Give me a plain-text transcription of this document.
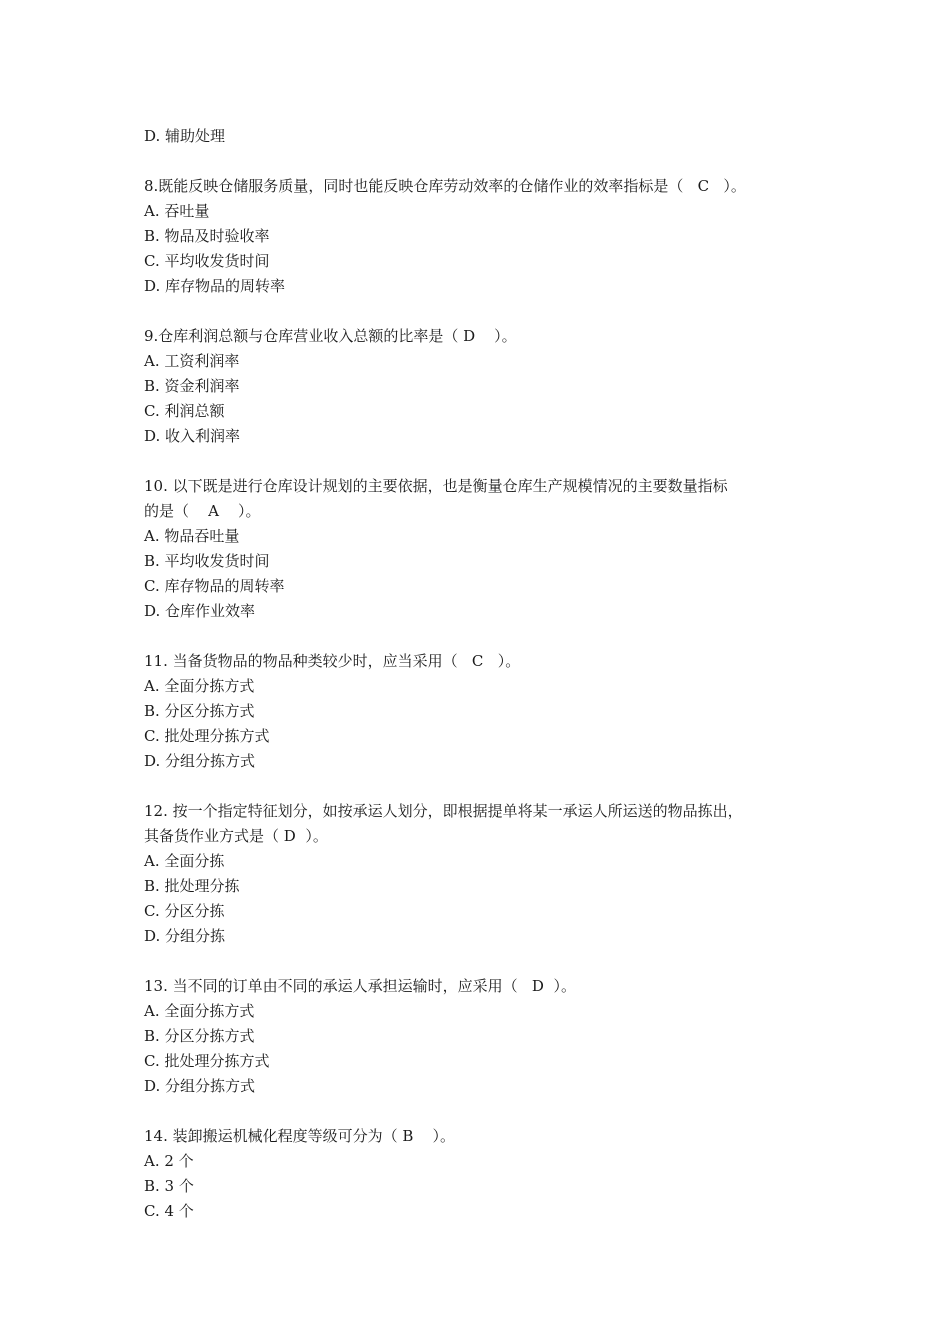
D. 辅助处理
8.既能反映仓储服务质量，同时也能反映仓库劳动效率的仓储作业的效率指标是（   C   ）。
A. 吞吐量
B. 物品及时验收率
C. 平均收发货时间
D. 库存物品的周转率
9.仓库利润总额与仓库营业收入总额的比率是（ D    ）。
A. 工资利润率
B. 资金利润率
C. 利润总额
D. 收入利润率
10. 以下既是进行仓库设计规划的主要依据，也是衡量仓库生产规模情况的主要数量指标
的是（    A    ）。
A. 物品吞吐量
B. 平均收发货时间
C. 库存物品的周转率
D. 仓库作业效率
11. 当备货物品的物品种类较少时，应当采用（   C   ）。
A. 全面分拣方式
B. 分区分拣方式
C. 批处理分拣方式
D. 分组分拣方式
12. 按一个指定特征划分，如按承运人划分，即根据提单将某一承运人所运送的物品拣出，
其备货作业方式是（ D  ）。
A. 全面分拣
B. 批处理分拣
C. 分区分拣
D. 分组分拣
13. 当不同的订单由不同的承运人承担运输时，应采用（   D  ）。
A. 全面分拣方式
B. 分区分拣方式
C. 批处理分拣方式
D. 分组分拣方式
14. 装卸搬运机械化程度等级可分为（ B    ）。
A. 2 个
B. 3 个
C. 4 个
